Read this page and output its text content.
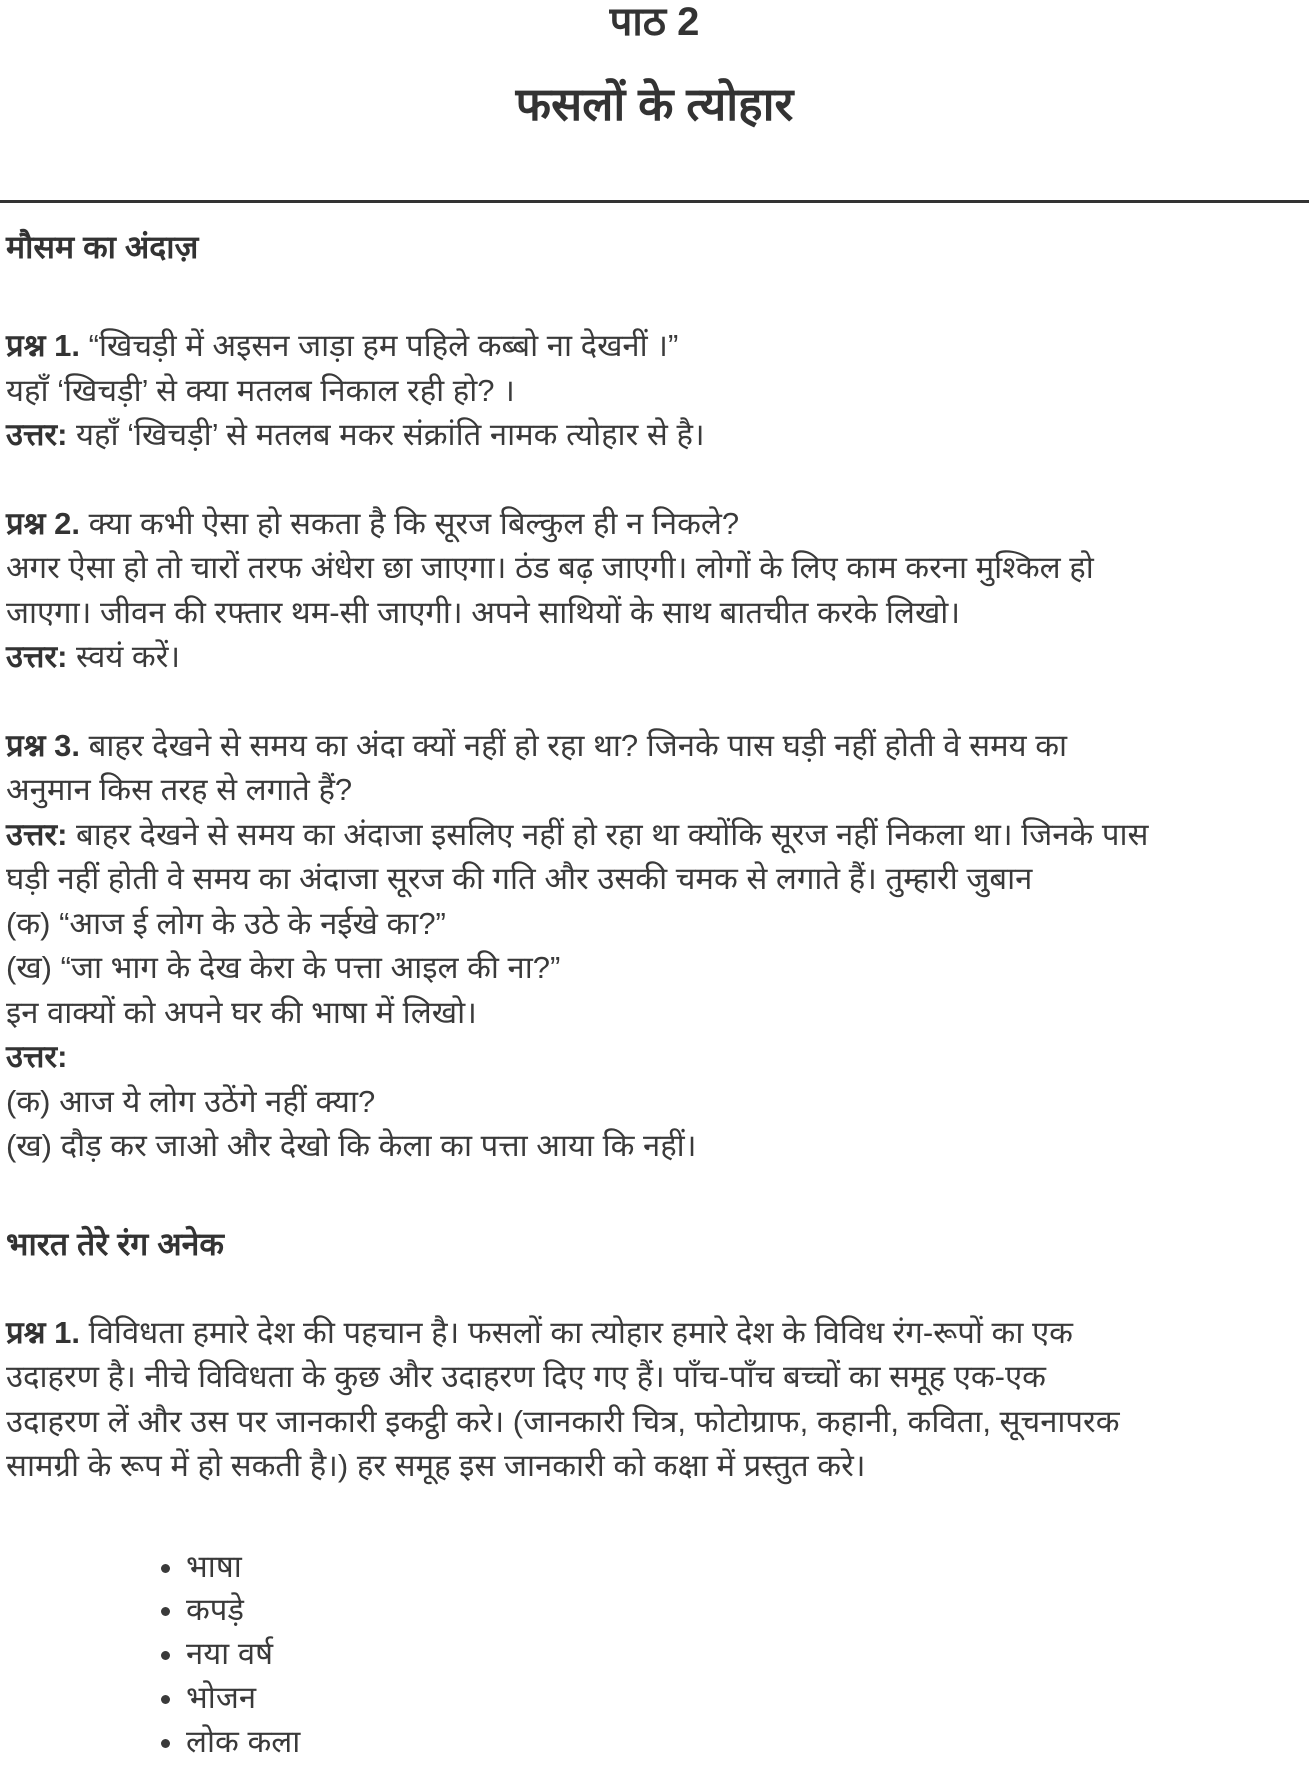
पाठ 2
फसलों के त्योहार
मौसम का अंदाज़

प्रश्न 1. “खिचड़ी में अइसन जाड़ा हम पहिले कब्बो ना देखनीं ।”

यहाँ ‘खिचड़ी’ से क्या मतलब निकाल रही हो? ।

उत्तर: यहाँ ‘खिचड़ी’ से मतलब मकर संक्रांति नामक त्योहार से है।

प्रश्न 2. क्या कभी ऐसा हो सकता है कि सूरज बिल्कुल ही न निकले?

अगर ऐसा हो तो चारों तरफ अंधेरा छा जाएगा। ठंड बढ़ जाएगी। लोगों के लिए काम करना मुश्किल हो

जाएगा। जीवन की रफ्तार थम-सी जाएगी। अपने साथियों के साथ बातचीत करके लिखो।

उत्तर: स्वयं करें।

प्रश्न 3. बाहर देखने से समय का अंदा क्यों नहीं हो रहा था? जिनके पास घड़ी नहीं होती वे समय का

अनुमान किस तरह से लगाते हैं?

उत्तर: बाहर देखने से समय का अंदाजा इसलिए नहीं हो रहा था क्योंकि सूरज नहीं निकला था। जिनके पास

घड़ी नहीं होती वे समय का अंदाजा सूरज की गति और उसकी चमक से लगाते हैं। तुम्हारी जुबान

(क) “आज ई लोग के उठे के नईखे का?”

(ख) “जा भाग के देख केरा के पत्ता आइल की ना?”

इन वाक्यों को अपने घर की भाषा में लिखो।

उत्तर:

(क) आज ये लोग उठेंगे नहीं क्या?

(ख) दौड़ कर जाओ और देखो कि केला का पत्ता आया कि नहीं।

भारत तेरे रंग अनेक

प्रश्न 1. विविधता हमारे देश की पहचान है। फसलों का त्योहार हमारे देश के विविध रंग-रूपों का एक

उदाहरण है। नीचे विविधता के कुछ और उदाहरण दिए गए हैं। पाँच-पाँच बच्चों का समूह एक-एक

उदाहरण लें और उस पर जानकारी इकट्ठी करे। (जानकारी चित्र, फोटोग्राफ, कहानी, कविता, सूचनापरक

सामग्री के रूप में हो सकती है।) हर समूह इस जानकारी को कक्षा में प्रस्तुत करे।

• भाषा
• कपड़े
• नया वर्ष
• भोजन
• लोक कला
